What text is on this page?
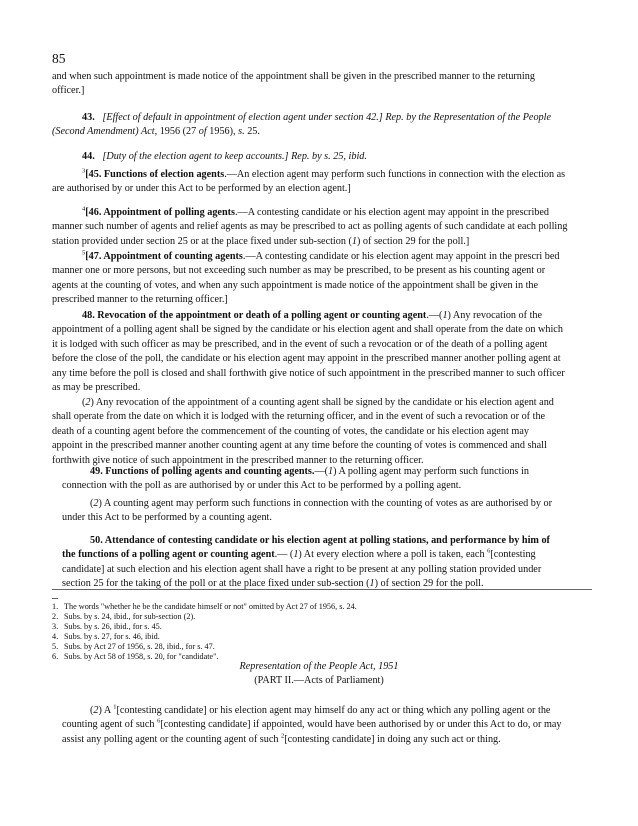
85
and when such appointment is made notice of the appointment shall be given in the prescribed manner to the returning
officer.]
43. [Effect of default in appointment of election agent under section 42.] Rep. by the Representation of the People
(Second Amendment) Act, 1956 (27 of 1956), s. 25.
44. [Duty of the election agent to keep accounts.] Rep. by s. 25, ibid.
$^3$[45. Functions of election agents.—An election agent may perform such functions in connection with the election as
are authorised by or under this Act to be performed by an election agent.]
$^4$[46. Appointment of polling agents.—A contesting candidate or his election agent may appoint in the prescribed
manner such number of agents and relief agents as may be prescribed to act as polling agents of such candidate at each polling
station provided under section 25 or at the place fixed under sub-section (1) of section 29 for the poll.]
$^5$[47. Appointment of counting agents.—A contesting candidate or his election agent may appoint in the prescri bed
manner one or more persons, but not exceeding such number as may be prescribed, to be present as his counting agent or
agents at the counting of votes, and when any such appointment is made notice of the appointment shall be given in the
prescribed manner to the returning officer.]
48. Revocation of the appointment or death of a polling agent or counting agent.—(1) Any revocation of the
appointment of a polling agent shall be signed by the candidate or his election agent and shall operate from the date on which
it is lodged with such officer as may be prescribed, and in the event of such a revocation or of the death of a polling agent
before the close of the poll, the candidate or his election agent may appoint in the prescribed manner another polling agent at
any time before the poll is closed and shall forthwith give notice of such appointment in the prescribed manner to such officer
as may be prescribed.
(2) Any revocation of the appointment of a counting agent shall be signed by the candidate or his election agent and
shall operate from the date on which it is lodged with the returning officer, and in the event of such a revocation or of the
death of a counting agent before the commencement of the counting of votes, the candidate or his election agent may
appoint in the prescribed manner another counting agent at any time before the counting of votes is commenced and shall
forthwith give notice of such appointment in the prescribed manner to the returning officer.
49. Functions of polling agents and counting agents.—(1) A polling agent may perform such functions in
connection with the poll as are authorised by or under this Act to be performed by a polling agent.
(2) A counting agent may perform such functions in connection with the counting of votes as are authorised by or
under this Act to be performed by a counting agent.
50. Attendance of contesting candidate or his election agent at polling stations, and performance by him of
the functions of a polling agent or counting agent.— (1) At every election where a poll is taken, each $^6$[contesting
candidate] at such election and his election agent shall have a right to be present at any polling station provided under
section 25 for the taking of the poll or at the place fixed under sub-section (1) of section 29 for the poll.
1. The words "whether he be the candidate himself or not" omitted by Act 27 of 1956, s. 24.
2. Subs. by s. 24, ibid., for sub-section (2).
3. Subs. by s. 26, ibid., for s. 45.
4. Subs. by s. 27, for s. 46, ibid.
5. Subs. by Act 27 of 1956, s. 28, ibid., for s. 47.
6. Subs. by Act 58 of 1958, s. 20, for "candidate".
Representation of the People Act, 1951
(PART II.—Acts of Parliament)
(2) A $^1$[contesting candidate] or his election agent may himself do any act or thing which any polling agent or the
counting agent of such $^6$[contesting candidate] if appointed, would have been authorised by or under this Act to do, or may
assist any polling agent or the counting agent of such $^2$[contesting candidate] in doing any such act or thing.
